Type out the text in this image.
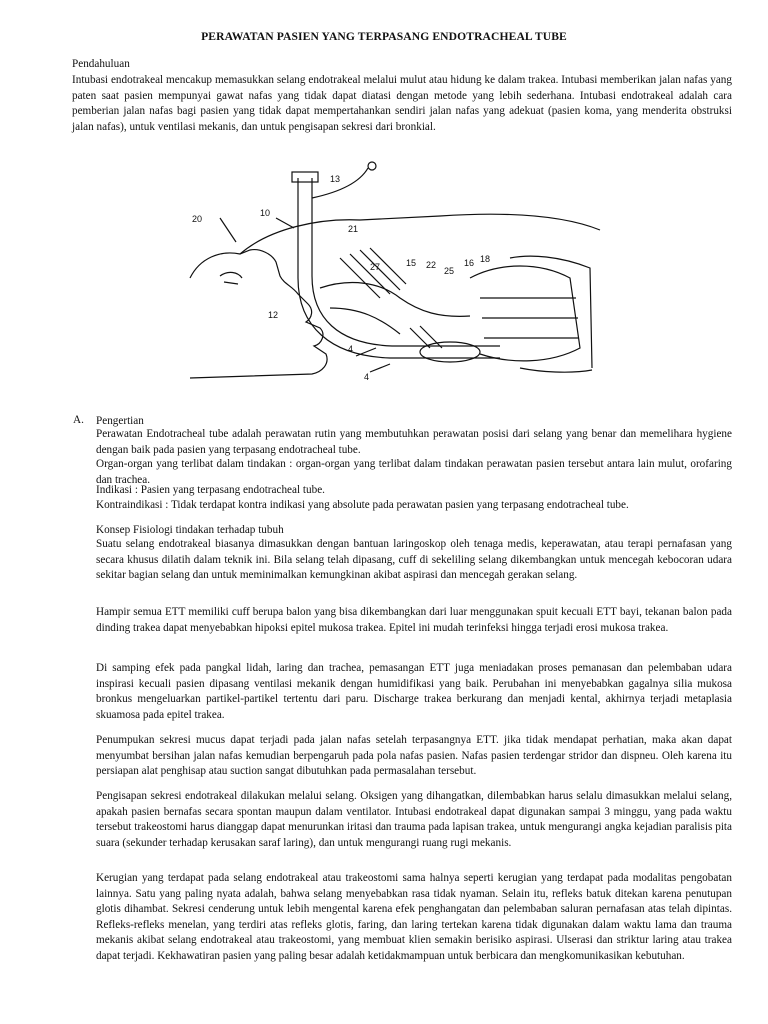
PERAWATAN PASIEN YANG TERPASANG ENDOTRACHEAL TUBE

Pendahuluan

Intubasi endotrakeal mencakup memasukkan selang endotrakeal melalui mulut atau hidung ke dalam trakea. Intubasi memberikan jalan nafas yang paten saat pasien mempunyai gawat nafas yang tidak dapat diatasi dengan metode yang lebih sederhana. Intubasi endotrakeal adalah cara pemberian jalan nafas bagi pasien yang tidak dapat mempertahankan sendiri jalan nafas yang adekuat (pasien koma, yang menderita obstruksi jalan nafas), untuk ventilasi mekanis, dan untuk pengisapan sekresi dari bronkial.

13
20
10
21
27	15 22
25
16 18
12
4
4
A. Pengertian

Perawatan Endotracheal tube adalah perawatan rutin yang membutuhkan perawatan posisi dari selang yang benar dan memelihara hygiene dengan baik pada pasien yang terpasang endotracheal tube.

Organ-organ yang terlibat dalam tindakan : organ-organ yang terlibat dalam tindakan perawatan pasien tersebut antara lain mulut, orofaring dan trachea.

Indikasi : Pasien yang terpasang endotracheal tube.

Kontraindikasi : Tidak terdapat kontra indikasi yang absolute pada perawatan pasien yang terpasang endotracheal tube.

Konsep Fisiologi tindakan terhadap tubuh

Suatu selang endotrakeal biasanya dimasukkan dengan bantuan laringoskop oleh tenaga medis, keperawatan, atau terapi pernafasan yang secara khusus dilatih dalam teknik ini. Bila selang telah dipasang, cuff di sekeliling selang dikembangkan untuk mencegah kebocoran udara sekitar bagian selang dan untuk meminimalkan kemungkinan akibat aspirasi dan mencegah gerakan selang.

Hampir semua ETT memiliki cuff berupa balon yang bisa dikembangkan dari luar menggunakan spuit kecuali ETT bayi, tekanan balon pada dinding trakea dapat menyebabkan hipoksi epitel mukosa trakea. Epitel ini mudah terinfeksi hingga terjadi erosi mukosa trakea.

Di samping efek pada pangkal lidah, laring dan trachea, pemasangan ETT juga meniadakan proses pemanasan dan pelembaban udara inspirasi kecuali pasien dipasang ventilasi mekanik dengan humidifikasi yang baik. Perubahan ini menyebabkan gagalnya silia mukosa bronkus mengeluarkan partikel-partikel tertentu dari paru. Discharge trakea berkurang dan menjadi kental, akhirnya terjadi metaplasia skuamosa pada epitel trakea.

Penumpukan sekresi mucus dapat terjadi pada jalan nafas setelah terpasangnya ETT. jika tidak mendapat perhatian, maka akan dapat menyumbat bersihan jalan nafas kemudian berpengaruh pada pola nafas pasien. Nafas pasien terdengar stridor dan dispneu. Oleh karena itu persiapan alat penghisap atau suction sangat dibutuhkan pada permasalahan tersebut.

Pengisapan sekresi endotrakeal dilakukan melalui selang. Oksigen yang dihangatkan, dilembabkan harus selalu dimasukkan melalui selang, apakah pasien bernafas secara spontan maupun dalam ventilator. Intubasi endotrakeal dapat digunakan sampai 3 minggu, yang pada waktu tersebut trakeostomi harus dianggap dapat menurunkan iritasi dan trauma pada lapisan trakea, untuk mengurangi angka kejadian paralisis pita suara (sekunder terhadap kerusakan saraf laring), dan untuk mengurangi ruang rugi mekanis.

Kerugian yang terdapat pada selang endotrakeal atau trakeostomi sama halnya seperti kerugian yang terdapat pada modalitas pengobatan lainnya. Satu yang paling nyata adalah, bahwa selang menyebabkan rasa tidak nyaman. Selain itu, refleks batuk ditekan karena penutupan glotis dihambat. Sekresi cenderung untuk lebih mengental karena efek penghangatan dan pelembaban saluran pernafasan atas telah dipintas. Refleks-refleks menelan, yang terdiri atas refleks glotis, faring, dan laring tertekan karena tidak digunakan dalam waktu lama dan trauma mekanis akibat selang endotrakeal atau trakeostomi, yang membuat klien semakin berisiko aspirasi. Ulserasi dan striktur laring atau trakea dapat terjadi. Kekhawatiran pasien yang paling besar adalah ketidakmampuan untuk berbicara dan mengkomunikasikan kebutuhan.
